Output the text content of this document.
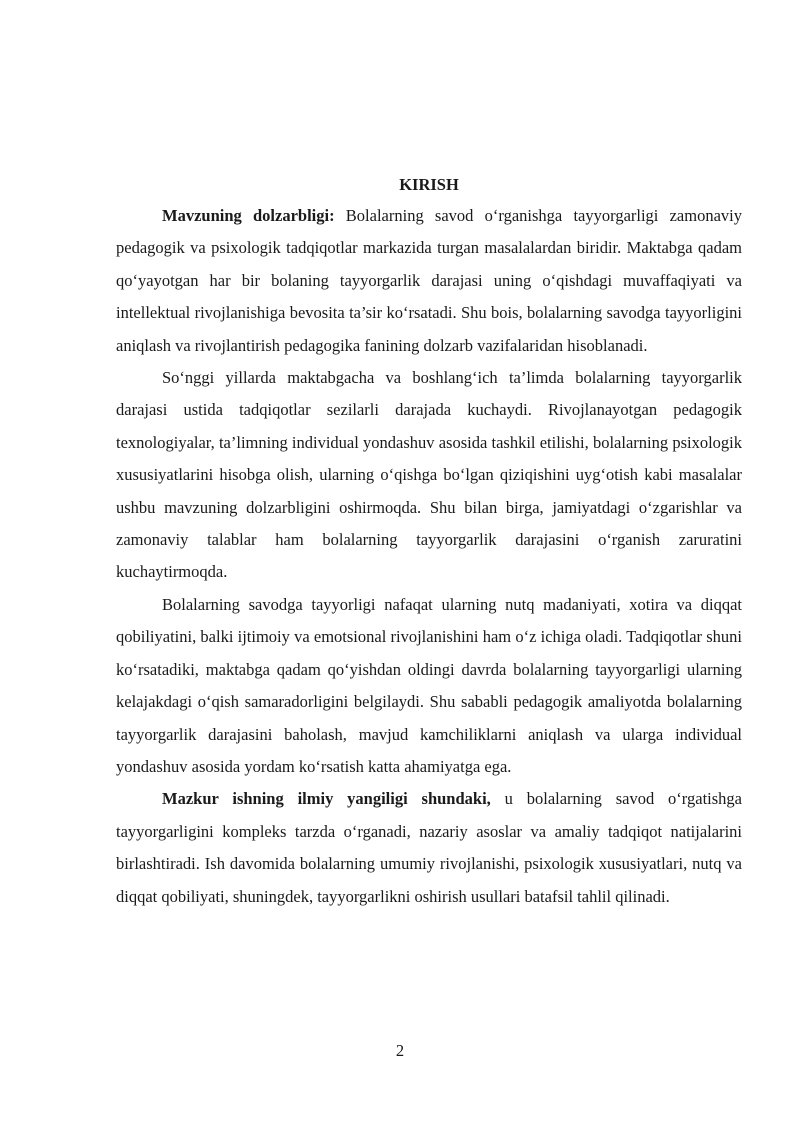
KIRISH

Mavzuning dolzarbligi: Bolalarning savod o‘rganishga tayyorgarligi zamonaviy pedagogik va psixologik tadqiqotlar markazida turgan masalalardan biridir. Maktabga qadam qo‘yayotgan har bir bolaning tayyorgarlik darajasi uning o‘qishdagi muvaffaqiyati va intellektual rivojlanishiga bevosita ta’sir ko‘rsatadi. Shu bois, bolalarning savodga tayyorligini aniqlash va rivojlantirish pedagogika fanining dolzarb vazifalaridan hisoblanadi.

So‘nggi yillarda maktabgacha va boshlang‘ich ta’limda bolalarning tayyorgarlik darajasi ustida tadqiqotlar sezilarli darajada kuchaydi. Rivojlanayotgan pedagogik texnologiyalar, ta’limning individual yondashuv asosida tashkil etilishi, bolalarning psixologik xususiyatlarini hisobga olish, ularning o‘qishga bo‘lgan qiziqishini uyg‘otish kabi masalalar ushbu mavzuning dolzarbligini oshirmoqda. Shu bilan birga, jamiyatdagi o‘zgarishlar va zamonaviy talablar ham bolalarning tayyorgarlik darajasini o‘rganish zaruratini kuchaytirmoqda.

Bolalarning savodga tayyorligi nafaqat ularning nutq madaniyati, xotira va diqqat qobiliyatini, balki ijtimoiy va emotsional rivojlanishini ham o‘z ichiga oladi. Tadqiqotlar shuni ko‘rsatadiki, maktabga qadam qo‘yishdan oldingi davrda bolalarning tayyorgarligi ularning kelajakdagi o‘qish samaradorligini belgilaydi. Shu sababli pedagogik amaliyotda bolalarning tayyorgarlik darajasini baholash, mavjud kamchiliklarni aniqlash va ularga individual yondashuv asosida yordam ko‘rsatish katta ahamiyatga ega.

Mazkur ishning ilmiy yangiligi shundaki, u bolalarning savod o‘rgatishga tayyorgarligini kompleks tarzda o‘rganadi, nazariy asoslar va amaliy tadqiqot natijalarini birlashtiradi. Ish davomida bolalarning umumiy rivojlanishi, psixologik xususiyatlari, nutq va diqqat qobiliyati, shuningdek, tayyorgarlikni oshirish usullari batafsil tahlil qilinadi.

2
